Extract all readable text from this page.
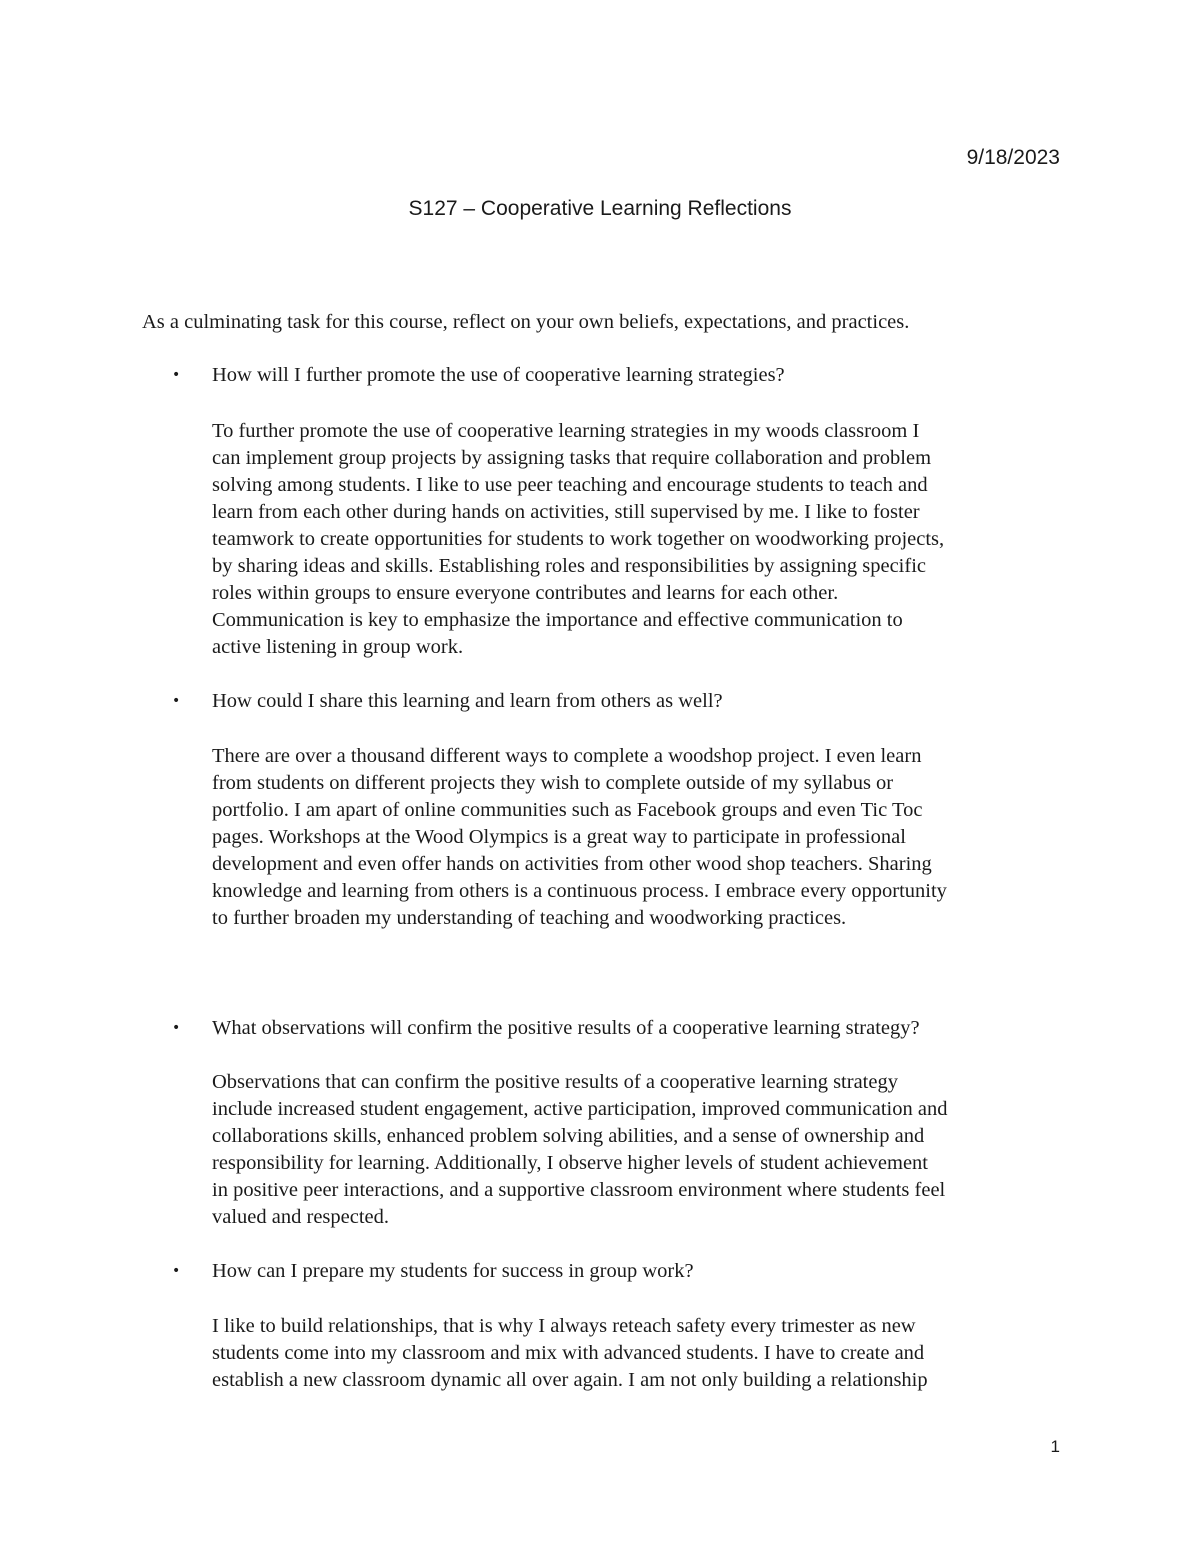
9/18/2023
S127 – Cooperative Learning Reflections
As a culminating task for this course, reflect on your own beliefs, expectations, and practices.
•	How will I further promote the use of cooperative learning strategies?
To further promote the use of cooperative learning strategies in my woods classroom I
can implement group projects by assigning tasks that require collaboration and problem
solving among students. I like to use peer teaching and encourage students to teach and
learn from each other during hands on activities, still supervised by me. I like to foster
teamwork to create opportunities for students to work together on woodworking projects,
by sharing ideas and skills. Establishing roles and responsibilities by assigning specific
roles within groups to ensure everyone contributes and learns for each other.
Communication is key to emphasize the importance and effective communication to
active listening in group work.
•	How could I share this learning and learn from others as well?
There are over a thousand different ways to complete a woodshop project. I even learn
from students on different projects they wish to complete outside of my syllabus or
portfolio. I am apart of online communities such as Facebook groups and even Tic Toc
pages. Workshops at the Wood Olympics is a great way to participate in professional
development and even offer hands on activities from other wood shop teachers. Sharing
knowledge and learning from others is a continuous process. I embrace every opportunity
to further broaden my understanding of teaching and woodworking practices.
•	What observations will confirm the positive results of a cooperative learning strategy?
Observations that can confirm the positive results of a cooperative learning strategy
include increased student engagement, active participation, improved communication and
collaborations skills, enhanced problem solving abilities, and a sense of ownership and
responsibility for learning. Additionally, I observe higher levels of student achievement
in positive peer interactions, and a supportive classroom environment where students feel
valued and respected.
•	How can I prepare my students for success in group work?
I like to build relationships, that is why I always reteach safety every trimester as new
students come into my classroom and mix with advanced students. I have to create and
establish a new classroom dynamic all over again. I am not only building a relationship
1
